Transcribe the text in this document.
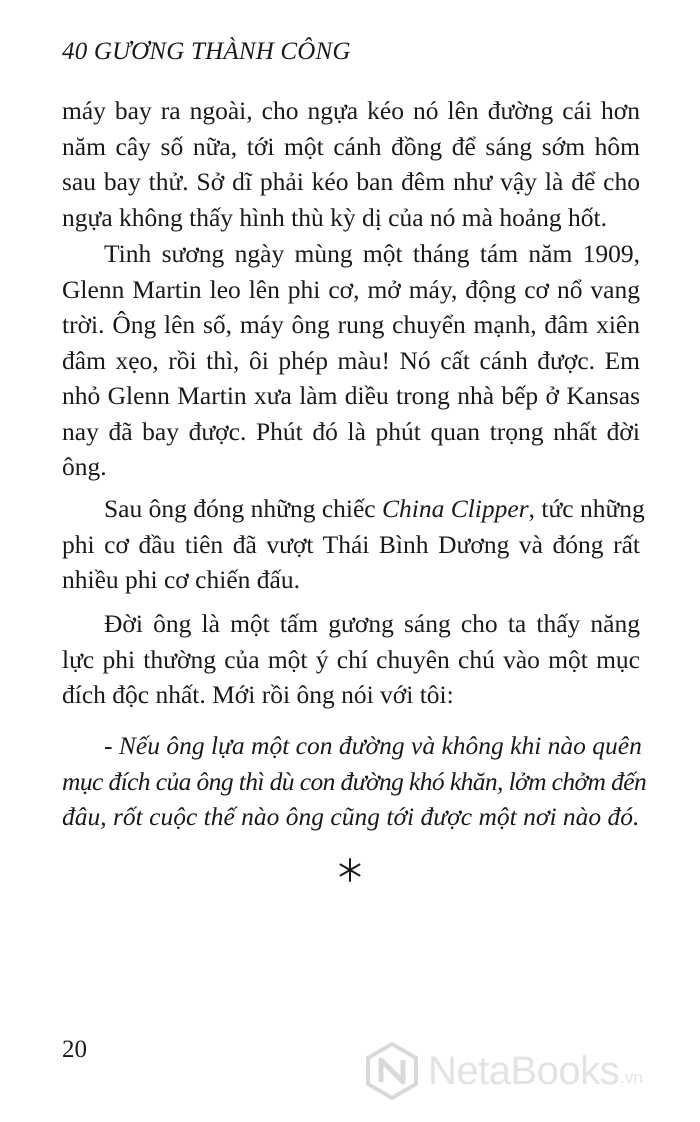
40 GƯƠNG THÀNH CÔNG
máy bay ra ngoài, cho ngựa kéo nó lên đường cái hơn
năm cây số nữa, tới một cánh đồng để sáng sớm hôm
sau bay thử. Sở dĩ phải kéo ban đêm như vậy là để cho
ngựa không thấy hình thù kỳ dị của nó mà hoảng hốt.
Tinh sương ngày mùng một tháng tám năm 1909,
Glenn Martin leo lên phi cơ, mở máy, động cơ nổ vang
trời. Ông lên số, máy ông rung chuyển mạnh, đâm xiên
đâm xẹo, rồi thì, ôi phép màu! Nó cất cánh được. Em
nhỏ Glenn Martin xưa làm diều trong nhà bếp ở Kansas
nay đã bay được. Phút đó là phút quan trọng nhất đời
ông.
Sau ông đóng những chiếc China Clipper, tức những
phi cơ đầu tiên đã vượt Thái Bình Dương và đóng rất
nhiều phi cơ chiến đấu.
Đời ông là một tấm gương sáng cho ta thấy năng
lực phi thường của một ý chí chuyên chú vào một mục
đích độc nhất. Mới rồi ông nói với tôi:
- Nếu ông lựa một con đường và không khi nào quên
mục đích của ông thì dù con đường khó khăn, lởm chởm đến
đâu, rốt cuộc thế nào ông cũng tới được một nơi nào đó.
20	NetaBooks .vn
